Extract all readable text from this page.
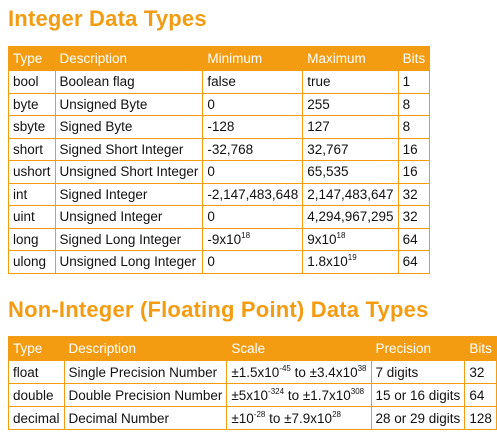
Integer Data Types
Type	Description	Minimum	Maximum	Bits
bool	Boolean flag	false	true	1
byte	Unsigned Byte	0	255	8
sbyte	Signed Byte	-128	127	8
short	Signed Short Integer	-32,768	32,767	16
ushort	Unsigned Short Integer	0	65,535	16
int	Signed Integer	-2,147,483,648	2,147,483,647	32
uint	Unsigned Integer	0	4,294,967,295	32
long	Signed Long Integer	$-9x10^{18}$	$9x10^{18}$	64
ulong	Unsigned Long Integer	0	$1.8x10^{19}$	64
Non-Integer (Floating Point) Data Types
Type	Description	Scale	Precision	Bits
float	Single Precision Number	$\pm 1.5x10^{-45}$ to $\pm 3.4x10^{38}$	7 digits	32
double	Double Precision Number	$\pm 5x10^{-324}$ to $\pm 1.7x10^{308}$	15 or 16 digits	64
decimal	Decimal Number	$\pm 10^{-28}$ to $\pm 7.9x10^{28}$	28 or 29 digits	128
